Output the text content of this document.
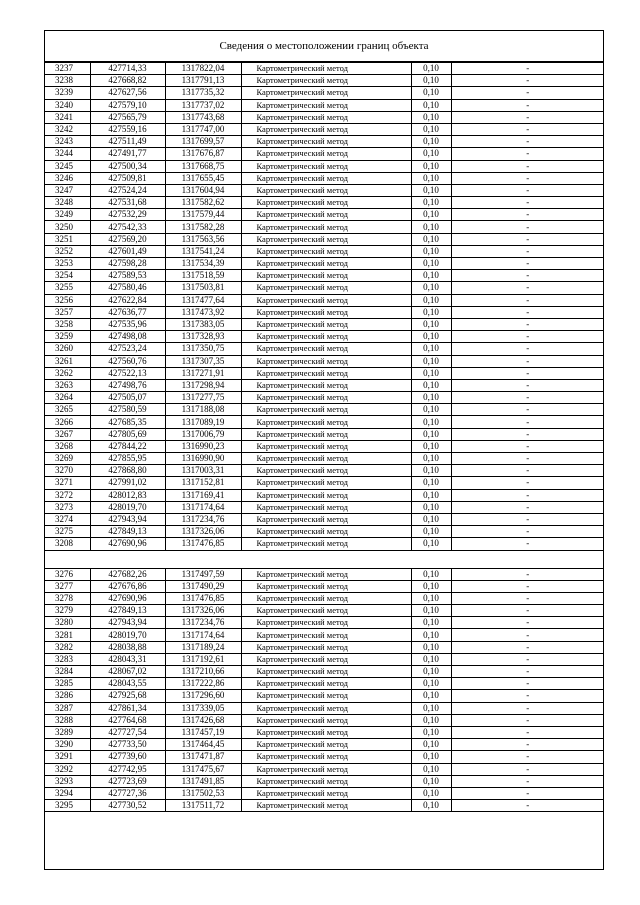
Сведения о местоположении границ объекта
3237	427714,33	1317822,04	Картометрический метод	0,10	-
3238	427668,82	1317791,13	Картометрический метод	0,10	-
3239	427627,56	1317735,32	Картометрический метод	0,10	-
3240	427579,10	1317737,02	Картометрический метод	0,10	-
3241	427565,79	1317743,68	Картометрический метод	0,10	-
3242	427559,16	1317747,00	Картометрический метод	0,10	-
3243	427511,49	1317699,57	Картометрический метод	0,10	-
3244	427491,77	1317676,87	Картометрический метод	0,10	-
3245	427500,34	1317668,75	Картометрический метод	0,10	-
3246	427509,81	1317655,45	Картометрический метод	0,10	-
3247	427524,24	1317604,94	Картометрический метод	0,10	-
3248	427531,68	1317582,62	Картометрический метод	0,10	-
3249	427532,29	1317579,44	Картометрический метод	0,10	-
3250	427542,33	1317582,28	Картометрический метод	0,10	-
3251	427569,20	1317563,56	Картометрический метод	0,10	-
3252	427601,49	1317541,24	Картометрический метод	0,10	-
3253	427598,28	1317534,39	Картометрический метод	0,10	-
3254	427589,53	1317518,59	Картометрический метод	0,10	-
3255	427580,46	1317503,81	Картометрический метод	0,10	-
3256	427622,84	1317477,64	Картометрический метод	0,10	-
3257	427636,77	1317473,92	Картометрический метод	0,10	-
3258	427535,96	1317383,05	Картометрический метод	0,10	-
3259	427498,08	1317328,93	Картометрический метод	0,10	-
3260	427523,24	1317350,75	Картометрический метод	0,10	-
3261	427560,76	1317307,35	Картометрический метод	0,10	-
3262	427522,13	1317271,91	Картометрический метод	0,10	-
3263	427498,76	1317298,94	Картометрический метод	0,10	-
3264	427505,07	1317277,75	Картометрический метод	0,10	-
3265	427580,59	1317188,08	Картометрический метод	0,10	-
3266	427685,35	1317089,19	Картометрический метод	0,10	-
3267	427805,69	1317006,79	Картометрический метод	0,10	-
3268	427844,22	1316990,23	Картометрический метод	0,10	-
3269	427855,95	1316990,90	Картометрический метод	0,10	-
3270	427868,80	1317003,31	Картометрический метод	0,10	-
3271	427991,02	1317152,81	Картометрический метод	0,10	-
3272	428012,83	1317169,41	Картометрический метод	0,10	-
3273	428019,70	1317174,64	Картометрический метод	0,10	-
3274	427943,94	1317234,76	Картометрический метод	0,10	-
3275	427849,13	1317326,06	Картометрический метод	0,10	-
3208	427690,96	1317476,85	Картометрический метод	0,10	-

3276	427682,26	1317497,59	Картометрический метод	0,10	-
3277	427676,86	1317490,29	Картометрический метод	0,10	-
3278	427690,96	1317476,85	Картометрический метод	0,10	-
3279	427849,13	1317326,06	Картометрический метод	0,10	-
3280	427943,94	1317234,76	Картометрический метод	0,10	-
3281	428019,70	1317174,64	Картометрический метод	0,10	-
3282	428038,88	1317189,24	Картометрический метод	0,10	-
3283	428043,31	1317192,61	Картометрический метод	0,10	-
3284	428067,02	1317210,66	Картометрический метод	0,10	-
3285	428043,55	1317222,86	Картометрический метод	0,10	-
3286	427925,68	1317296,60	Картометрический метод	0,10	-
3287	427861,34	1317339,05	Картометрический метод	0,10	-
3288	427764,68	1317426,68	Картометрический метод	0,10	-
3289	427727,54	1317457,19	Картометрический метод	0,10	-
3290	427733,50	1317464,45	Картометрический метод	0,10	-
3291	427739,60	1317471,87	Картометрический метод	0,10	-
3292	427742,95	1317475,67	Картометрический метод	0,10	-
3293	427723,69	1317491,85	Картометрический метод	0,10	-
3294	427727,36	1317502,53	Картометрический метод	0,10	-
3295	427730,52	1317511,72	Картометрический метод	0,10	-
